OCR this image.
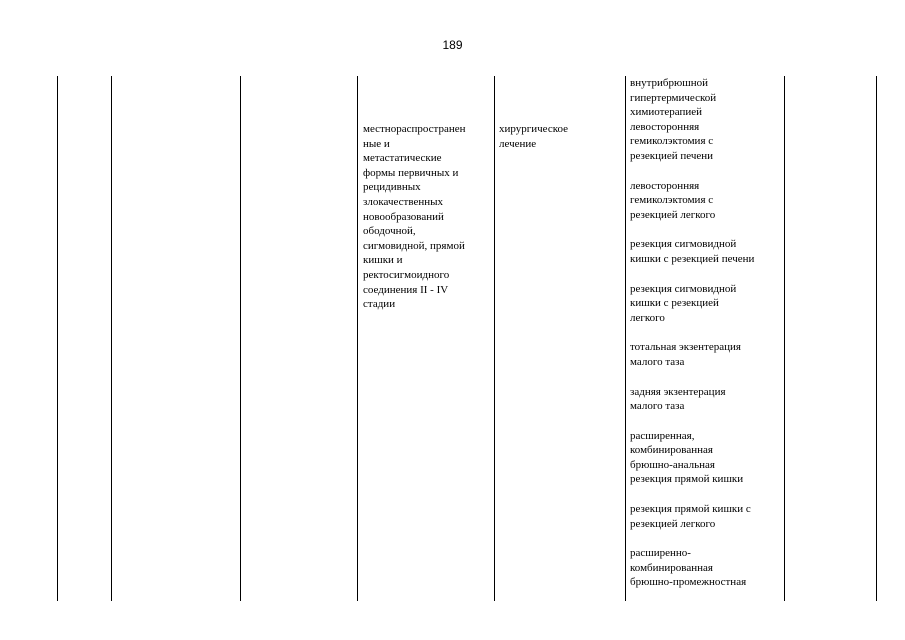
189
местнораспространен
ные и
метастатические
формы первичных и
рецидивных
злокачественных
новообразований
ободочной,
сигмовидной, прямой
кишки и
ректосигмоидного
соединения II - IV
стадии
хирургическое
лечение
внутрибрюшной
гипертермической
химиотерапией
левосторонняя
гемиколэктомия с
резекцией печени
левосторонняя
гемиколэктомия с
резекцией легкого
резекция сигмовидной
кишки с резекцией печени
резекция сигмовидной
кишки с резекцией
легкого
тотальная экзентерация
малого таза
задняя экзентерация
малого таза
расширенная,
комбинированная
брюшно-анальная
резекция прямой кишки
резекция прямой кишки с
резекцией легкого
расширенно-
комбинированная
брюшно-промежностная
